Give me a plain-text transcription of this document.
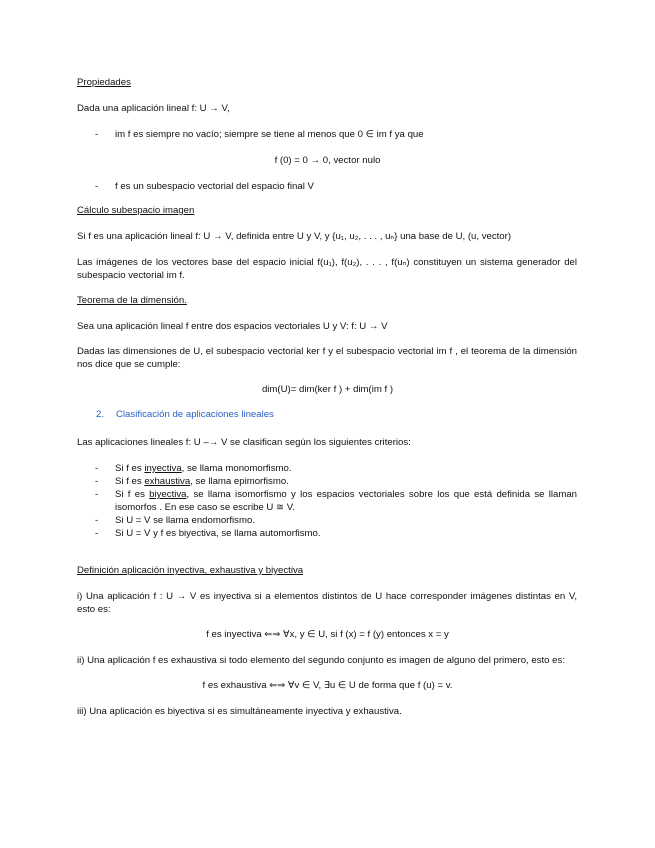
Propiedades
Dada una aplicación lineal f: U → V,
- im f es siempre no vacío; siempre se tiene al menos que 0 ∈ im f ya que
f (0) = 0 → 0, vector nulo
- f es un subespacio vectorial del espacio final V
Cálculo subespacio imagen
Si f es una aplicación lineal f: U → V, definida entre U y V, y {u₁, u₂, . . . , uₙ} una base de U, (u, vector)
Las imágenes de los vectores base del espacio inicial f(u₁), f(u₂), . . . , f(uₙ) constituyen un sistema generador del subespacio vectorial im f.
Teorema de la dimensión.
Sea una aplicación lineal f entre dos espacios vectoriales U y V: f: U → V
Dadas las dimensiones de U, el subespacio vectorial ker f y el subespacio vectorial im f , el teorema de la dimensión nos dice que se cumple:
dim(U)= dim(ker f ) + dim(im f )
2. Clasificación de aplicaciones lineales
Las aplicaciones lineales f: U –→ V se clasifican según los siguientes criterios:
- Si f es inyectiva, se llama monomorfismo.
- Si f es exhaustiva, se llama epimorfismo.
- Si f es biyectiva, se llama isomorfismo y los espacios vectoriales sobre los que está definida se llaman isomorfos . En ese caso se escribe U ≅ V.
- Si U = V se llama endomorfismo.
- Si U = V y f es biyectiva, se llama automorfismo.
Definición aplicación inyectiva, exhaustiva y biyectiva
i) Una aplicación f : U → V es inyectiva si a elementos distintos de U hace corresponder imágenes distintas en V, esto es:
f es inyectiva ⇐⇒ ∀x, y ∈ U, si f (x) = f (y) entonces x = y
ii) Una aplicación f es exhaustiva si todo elemento del segundo conjunto es imagen de alguno del primero, esto es:
f es exhaustiva ⇐⇒ ∀v ∈ V, ∃u ∈ U de forma que f (u) = v.
iii) Una aplicación es biyectiva si es simultáneamente inyectiva y exhaustiva.
